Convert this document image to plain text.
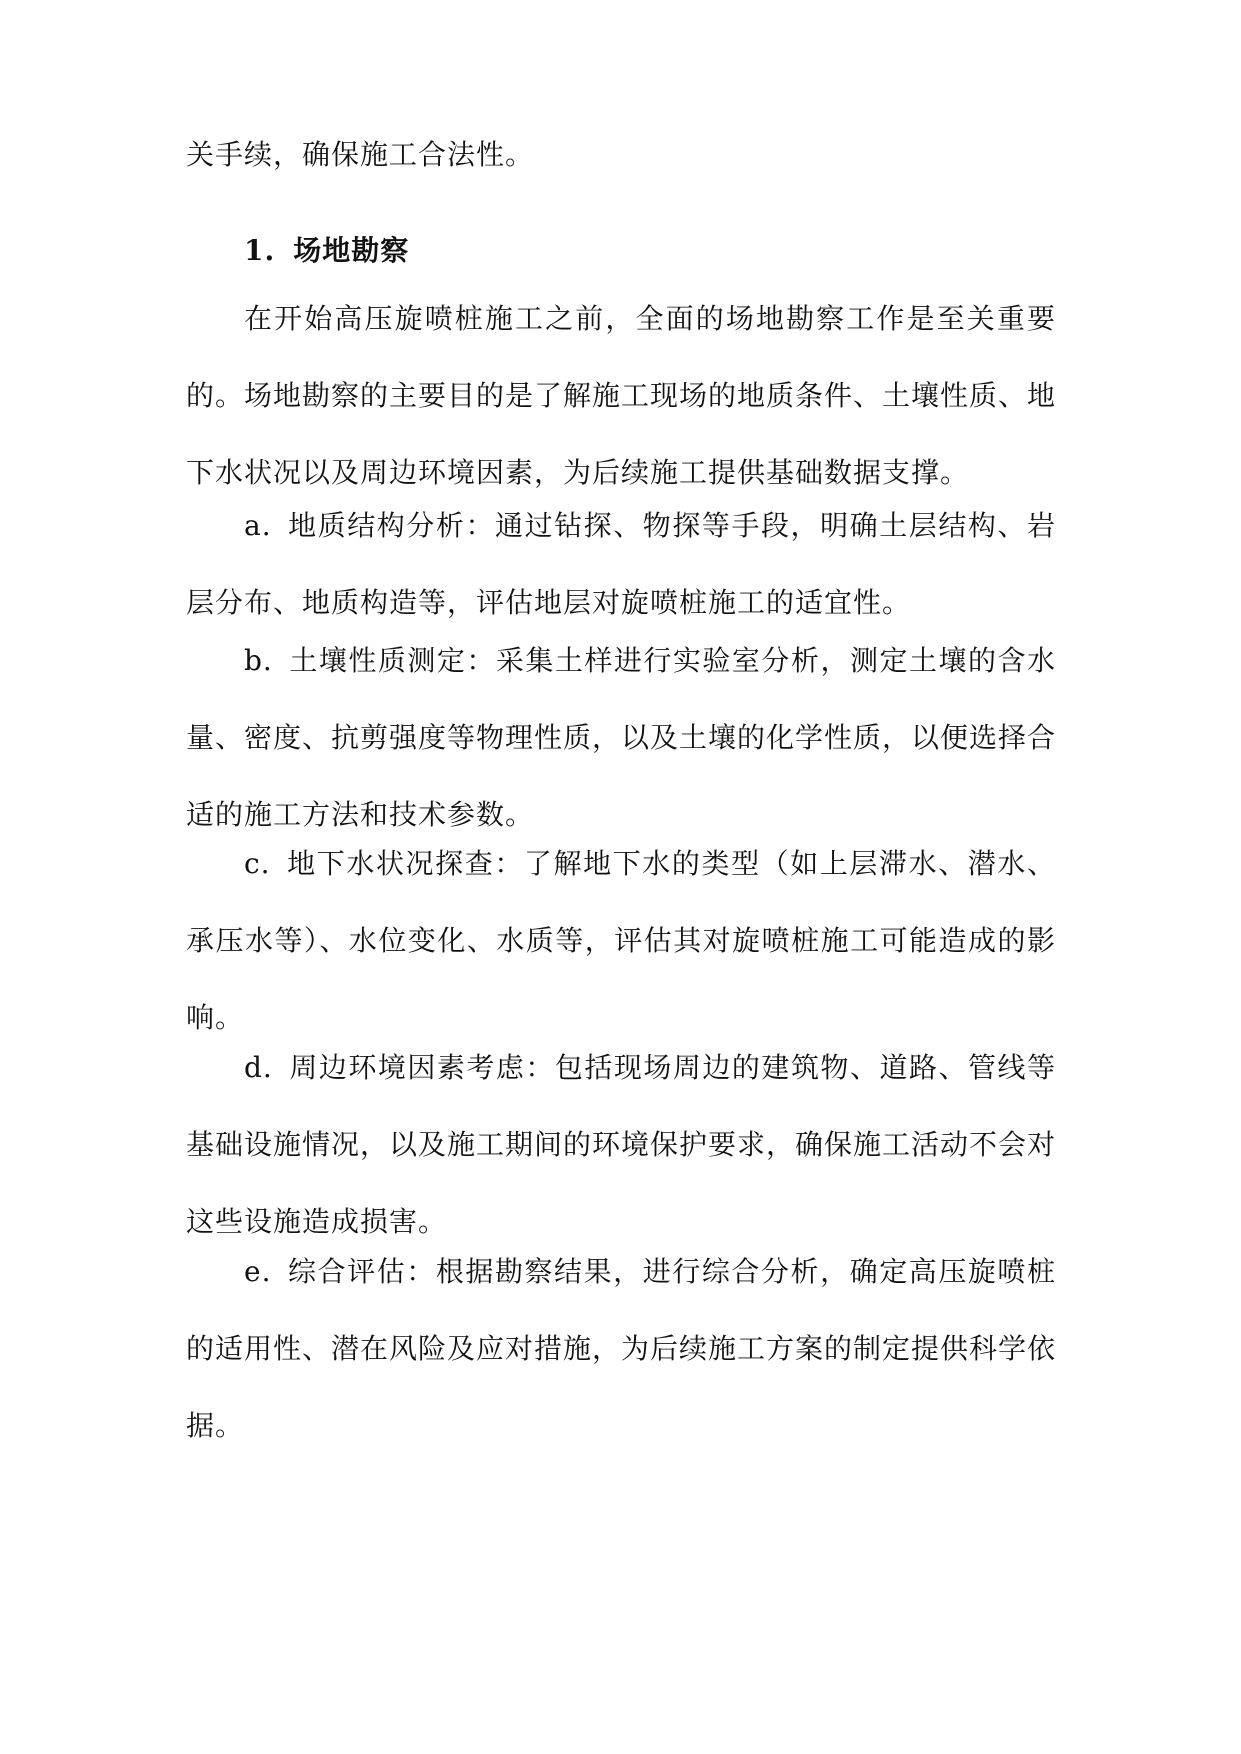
关手续，确保施工合法性。

1. 场地勘察

在开始高压旋喷桩施工之前，全面的场地勘察工作是至关重要的。场地勘察的主要目的是了解施工现场的地质条件、土壤性质、地下水状况以及周边环境因素，为后续施工提供基础数据支撑。

a. 地质结构分析：通过钻探、物探等手段，明确土层结构、岩层分布、地质构造等，评估地层对旋喷桩施工的适宜性。

b. 土壤性质测定：采集土样进行实验室分析，测定土壤的含水量、密度、抗剪强度等物理性质，以及土壤的化学性质，以便选择合适的施工方法和技术参数。

c. 地下水状况探查：了解地下水的类型（如上层滞水、潜水、承压水等）、水位变化、水质等，评估其对旋喷桩施工可能造成的影响。

d. 周边环境因素考虑：包括现场周边的建筑物、道路、管线等基础设施情况，以及施工期间的环境保护要求，确保施工活动不会对这些设施造成损害。

e. 综合评估：根据勘察结果，进行综合分析，确定高压旋喷桩的适用性、潜在风险及应对措施，为后续施工方案的制定提供科学依据。
